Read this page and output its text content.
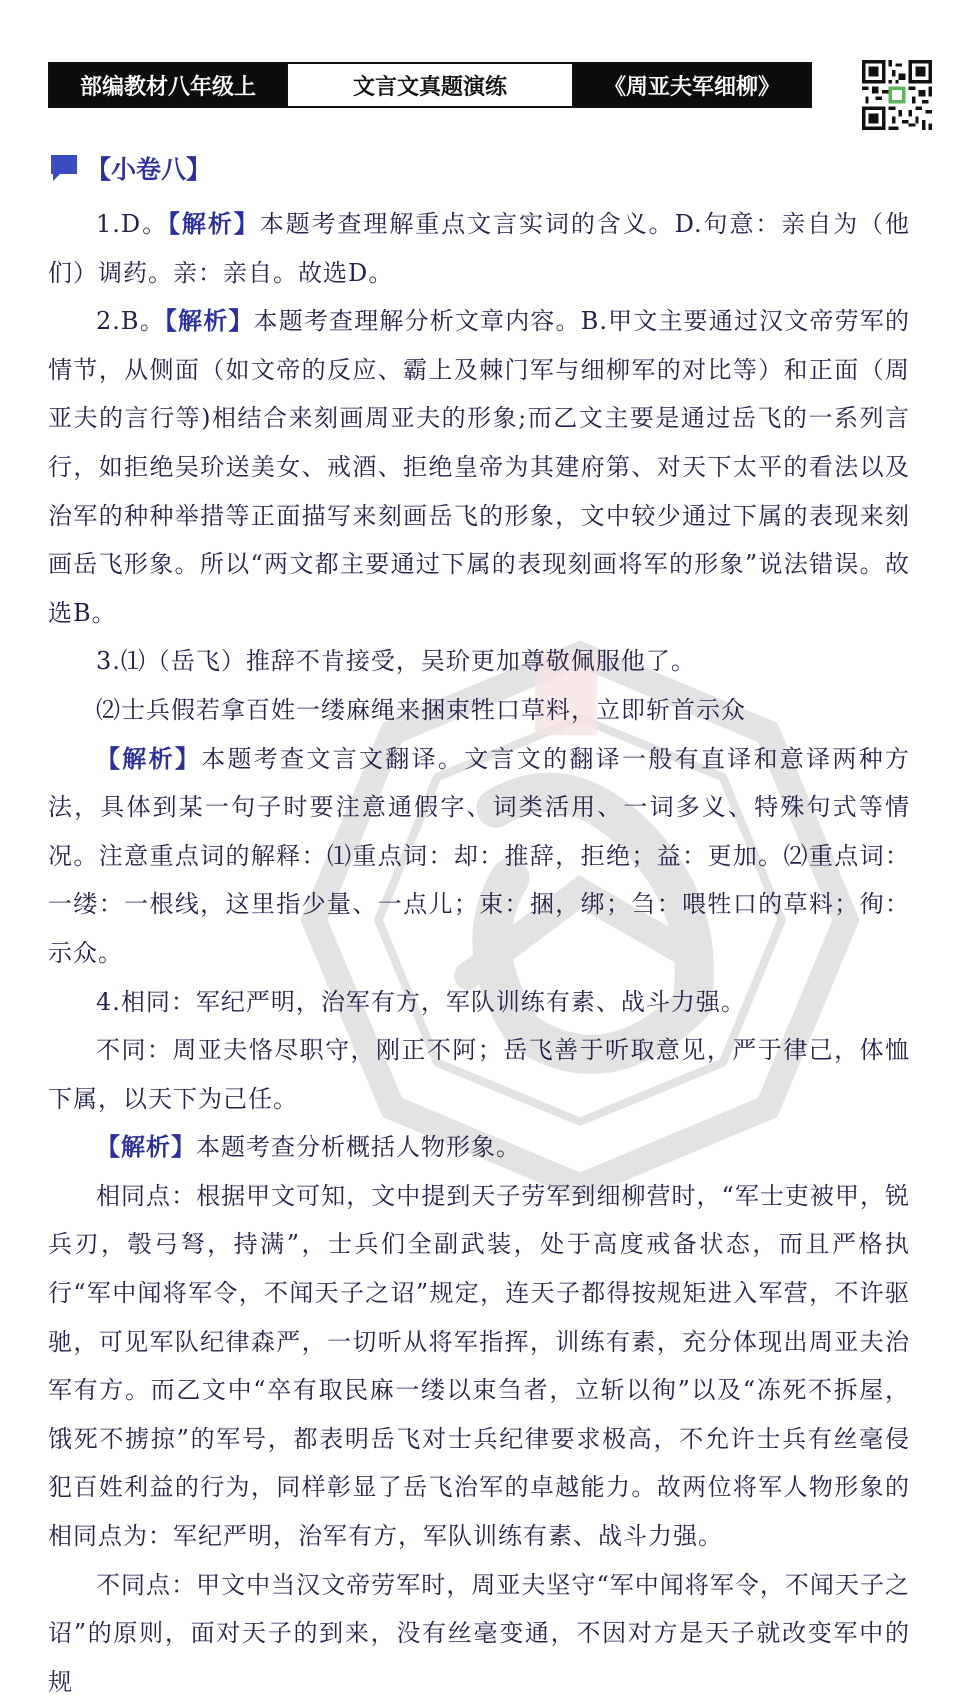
部编教材八年级上	文言文真题演练	《周亚夫军细柳》
【小卷八】

1.D。【解析】本题考查理解重点文言实词的含义。D.句意：亲自为（他们）调药。亲：亲自。故选D。

2.B。【解析】本题考查理解分析文章内容。B.甲文主要通过汉文帝劳军的情节，从侧面（如文帝的反应、霸上及棘门军与细柳军的对比等）和正面（周亚夫的言行等)相结合来刻画周亚夫的形象;而乙文主要是通过岳飞的一系列言行，如拒绝吴玠送美女、戒酒、拒绝皇帝为其建府第、对天下太平的看法以及治军的种种举措等正面描写来刻画岳飞的形象，文中较少通过下属的表现来刻画岳飞形象。所以“两文都主要通过下属的表现刻画将军的形象”说法错误。故选B。

3.⑴（岳飞）推辞不肯接受，吴玠更加尊敬佩服他了。

⑵士兵假若拿百姓一缕麻绳来捆束牲口草料，立即斩首示众

【解析】本题考查文言文翻译。文言文的翻译一般有直译和意译两种方法，具体到某一句子时要注意通假字、词类活用、一词多义、特殊句式等情况。注意重点词的解释：⑴重点词：却：推辞，拒绝；益：更加。⑵重点词：一缕：一根线，这里指少量、一点儿；束：捆，绑；刍：喂牲口的草料；徇：示众。

4.相同：军纪严明，治军有方，军队训练有素、战斗力强。

不同：周亚夫恪尽职守，刚正不阿；岳飞善于听取意见，严于律己，体恤下属，以天下为己任。

【解析】本题考查分析概括人物形象。

相同点：根据甲文可知，文中提到天子劳军到细柳营时，“军士吏被甲，锐兵刃，彀弓弩，持满”，士兵们全副武装，处于高度戒备状态，而且严格执行“军中闻将军令，不闻天子之诏”规定，连天子都得按规矩进入军营，不许驱驰，可见军队纪律森严，一切听从将军指挥，训练有素，充分体现出周亚夫治军有方。而乙文中“卒有取民麻一缕以束刍者，立斩以徇”以及“冻死不拆屋，饿死不掳掠”的军号，都表明岳飞对士兵纪律要求极高，不允许士兵有丝毫侵犯百姓利益的行为，同样彰显了岳飞治军的卓越能力。故两位将军人物形象的相同点为：军纪严明，治军有方，军队训练有素、战斗力强。

不同点：甲文中当汉文帝劳军时，周亚夫坚守“军中闻将军令，不闻天子之诏”的原则，面对天子的到来，没有丝毫变通，不因对方是天子就改变军中的规
